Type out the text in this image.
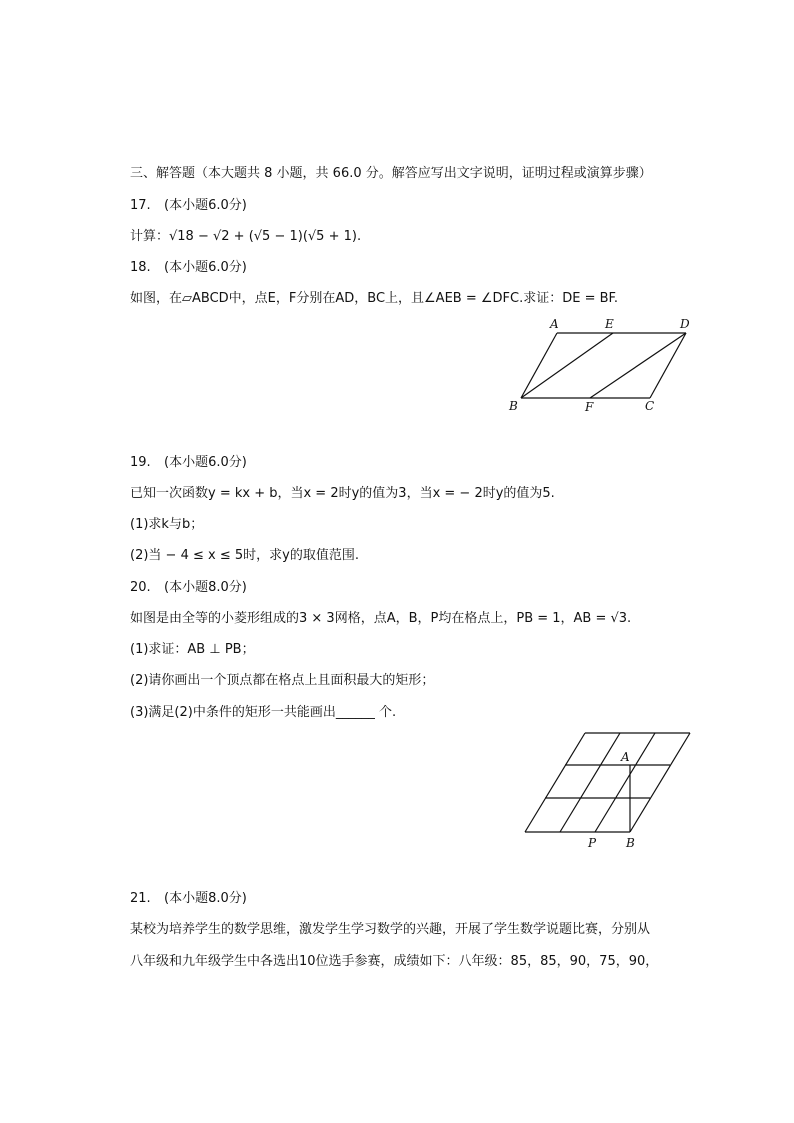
三、解答题（本大题共 8 小题，共 66.0 分。解答应写出文字说明，证明过程或演算步骤）
17. (本小题6.0分)
计算：√18 − √2 + (√5 − 1)(√5 + 1).
18. (本小题6.0分)
如图，在▱ABCD中，点E，F分别在AD，BC上，且∠AEB = ∠DFC.求证：DE = BF.
A	E	D
B	F	C
19. (本小题6.0分)
已知一次函数y = kx + b，当x = 2时y的值为3，当x = − 2时y的值为5.
(1)求k与b；
(2)当 − 4 ≤ x ≤ 5时，求y的取值范围.
20. (本小题8.0分)
如图是由全等的小菱形组成的3 × 3网格，点A，B，P均在格点上，PB = 1，AB = √3.
(1)求证：AB ⊥ PB；
(2)请你画出一个顶点都在格点上且面积最大的矩形；
(3)满足(2)中条件的矩形一共能画出______ 个.
A
P B
21. (本小题8.0分)
某校为培养学生的数学思维，激发学生学习数学的兴趣，开展了学生数学说题比赛，分别从
八年级和九年级学生中各选出10位选手参赛，成绩如下：八年级：85，85，90，75，90，
